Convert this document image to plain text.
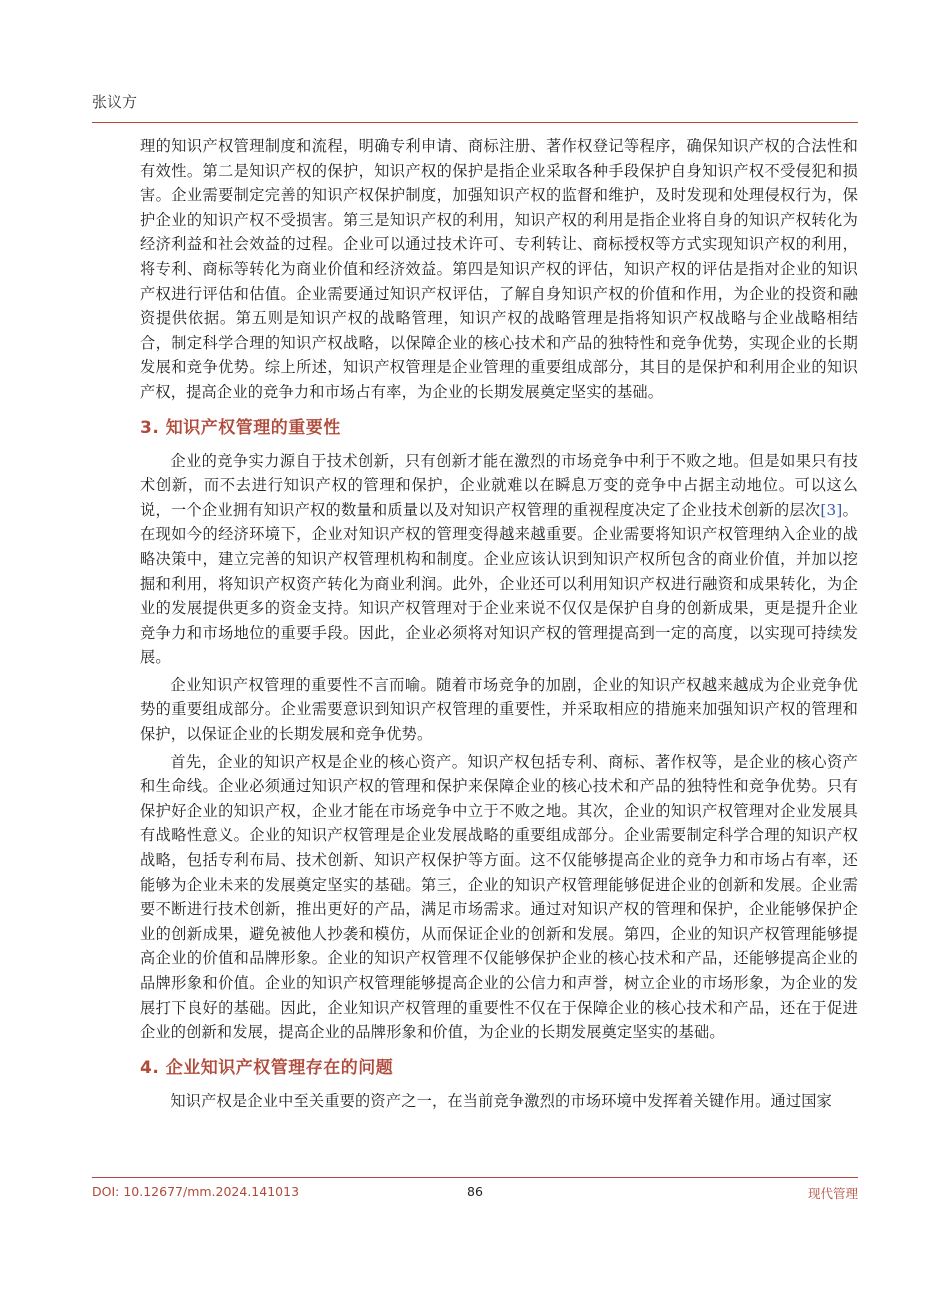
张议方

理的知识产权管理制度和流程，明确专利申请、商标注册、著作权登记等程序，确保知识产权的合法性和有效性。第二是知识产权的保护，知识产权的保护是指企业采取各种手段保护自身知识产权不受侵犯和损害。企业需要制定完善的知识产权保护制度，加强知识产权的监督和维护，及时发现和处理侵权行为，保护企业的知识产权不受损害。第三是知识产权的利用，知识产权的利用是指企业将自身的知识产权转化为经济利益和社会效益的过程。企业可以通过技术许可、专利转让、商标授权等方式实现知识产权的利用，将专利、商标等转化为商业价值和经济效益。第四是知识产权的评估，知识产权的评估是指对企业的知识产权进行评估和估值。企业需要通过知识产权评估，了解自身知识产权的价值和作用，为企业的投资和融资提供依据。第五则是知识产权的战略管理，知识产权的战略管理是指将知识产权战略与企业战略相结合，制定科学合理的知识产权战略，以保障企业的核心技术和产品的独特性和竞争优势，实现企业的长期发展和竞争优势。综上所述，知识产权管理是企业管理的重要组成部分，其目的是保护和利用企业的知识产权，提高企业的竞争力和市场占有率，为企业的长期发展奠定坚实的基础。

3. 知识产权管理的重要性

企业的竞争实力源自于技术创新，只有创新才能在激烈的市场竞争中利于不败之地。但是如果只有技术创新，而不去进行知识产权的管理和保护，企业就难以在瞬息万变的竞争中占据主动地位。可以这么说，一个企业拥有知识产权的数量和质量以及对知识产权管理的重视程度决定了企业技术创新的层次[3]。在现如今的经济环境下，企业对知识产权的管理变得越来越重要。企业需要将知识产权管理纳入企业的战略决策中，建立完善的知识产权管理机构和制度。企业应该认识到知识产权所包含的商业价值，并加以挖掘和利用，将知识产权资产转化为商业利润。此外，企业还可以利用知识产权进行融资和成果转化，为企业的发展提供更多的资金支持。知识产权管理对于企业来说不仅仅是保护自身的创新成果，更是提升企业竞争力和市场地位的重要手段。因此，企业必须将对知识产权的管理提高到一定的高度，以实现可持续发展。

企业知识产权管理的重要性不言而喻。随着市场竞争的加剧，企业的知识产权越来越成为企业竞争优势的重要组成部分。企业需要意识到知识产权管理的重要性，并采取相应的措施来加强知识产权的管理和保护，以保证企业的长期发展和竞争优势。

首先，企业的知识产权是企业的核心资产。知识产权包括专利、商标、著作权等，是企业的核心资产和生命线。企业必须通过知识产权的管理和保护来保障企业的核心技术和产品的独特性和竞争优势。只有保护好企业的知识产权，企业才能在市场竞争中立于不败之地。其次，企业的知识产权管理对企业发展具有战略性意义。企业的知识产权管理是企业发展战略的重要组成部分。企业需要制定科学合理的知识产权战略，包括专利布局、技术创新、知识产权保护等方面。这不仅能够提高企业的竞争力和市场占有率，还能够为企业未来的发展奠定坚实的基础。第三，企业的知识产权管理能够促进企业的创新和发展。企业需要不断进行技术创新，推出更好的产品，满足市场需求。通过对知识产权的管理和保护，企业能够保护企业的创新成果，避免被他人抄袭和模仿，从而保证企业的创新和发展。第四，企业的知识产权管理能够提高企业的价值和品牌形象。企业的知识产权管理不仅能够保护企业的核心技术和产品，还能够提高企业的品牌形象和价值。企业的知识产权管理能够提高企业的公信力和声誉，树立企业的市场形象，为企业的发展打下良好的基础。因此，企业知识产权管理的重要性不仅在于保障企业的核心技术和产品，还在于促进企业的创新和发展，提高企业的品牌形象和价值，为企业的长期发展奠定坚实的基础。

4. 企业知识产权管理存在的问题

知识产权是企业中至关重要的资产之一，在当前竞争激烈的市场环境中发挥着关键作用。通过国家

DOI: 10.12677/mm.2024.141013	86	现代管理
